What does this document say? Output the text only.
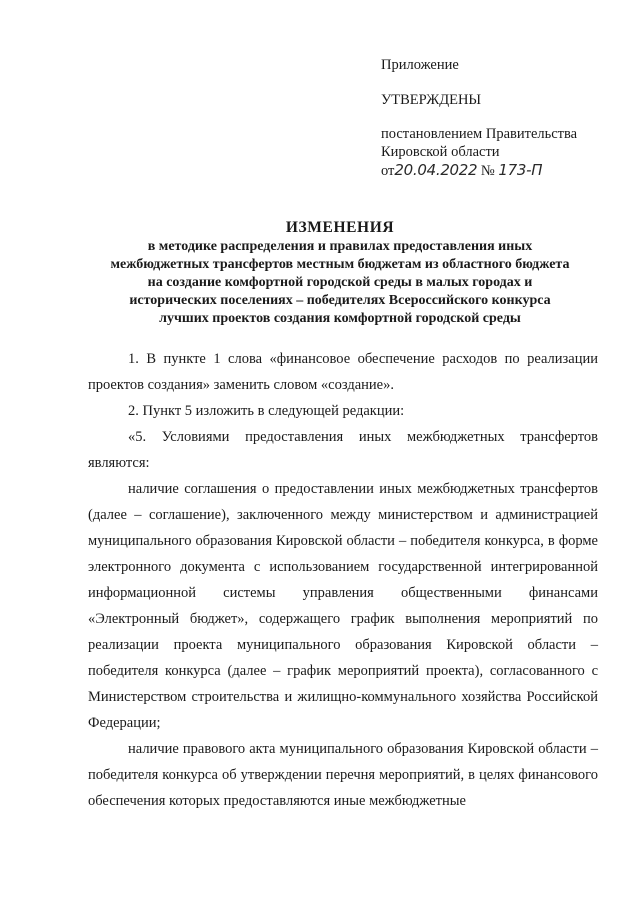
Приложение
УТВЕРЖДЕНЫ
постановлением Правительства
Кировской области
от20.04.2022 № 173-П
ИЗМЕНЕНИЯ
в методике распределения и правилах предоставления иных
межбюджетных трансфертов местным бюджетам из областного бюджета
на создание комфортной городской среды в малых городах и
исторических поселениях – победителях Всероссийского конкурса
лучших проектов создания комфортной городской среды

1. В пункте 1 слова «финансовое обеспечение расходов по реализации проектов создания» заменить словом «создание».

2. Пункт 5 изложить в следующей редакции:

«5. Условиями предоставления иных межбюджетных трансфертов являются:

наличие соглашения о предоставлении иных межбюджетных трансфертов (далее – соглашение), заключенного между министерством и администрацией муниципального образования Кировской области – победителя конкурса, в форме электронного документа с использованием государственной интегрированной информационной системы управления общественными финансами «Электронный бюджет», содержащего график выполнения мероприятий по реализации проекта муниципального образования Кировской области – победителя конкурса (далее – график мероприятий проекта), согласованного с Министерством строительства и жилищно-коммунального хозяйства Российской Федерации;

наличие правового акта муниципального образования Кировской области – победителя конкурса об утверждении перечня мероприятий, в целях финансового обеспечения которых предоставляются иные межбюджетные
